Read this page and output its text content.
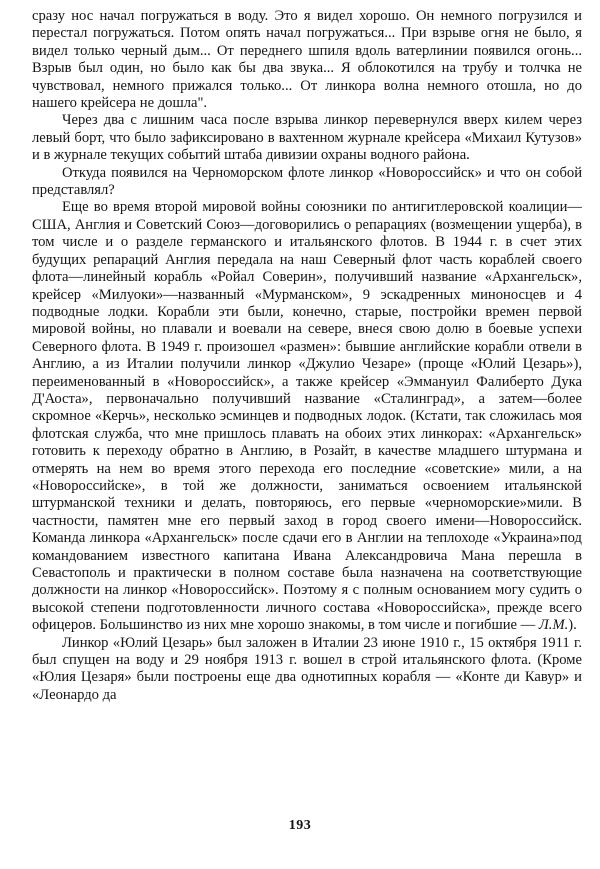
сразу нос начал погружаться в воду. Это я видел хорошо. Он немного погрузился и перестал погружаться. Потом опять начал погружаться... При взрыве огня не было, я видел только черный дым... От переднего шпиля вдоль ватерлинии появился огонь... Взрыв был один, но было как бы два звука... Я облокотился на трубу и толчка не чувствовал, немного прижался только... От линкора волна немного отошла, но до нашего крейсера не дошла".

Через два с лишним часа после взрыва линкор перевернулся вверх килем через левый борт, что было зафиксировано в вахтенном журнале крейсера «Михаил Кутузов» и в журнале текущих событий штаба дивизии охраны водного района.

Откуда появился на Черноморском флоте линкор «Новороссийск» и что он собой представлял?

Еще во время второй мировой войны союзники по антигитлеровской коалиции—США, Англия и Советский Союз—договорились о репарациях (возмещении ущерба), в том числе и о разделе германского и итальянского флотов. В 1944 г. в счет этих будущих репараций Англия передала на наш Северный флот часть кораблей своего флота—линейный корабль «Ройал Соверин», получивший название «Архангельск», крейсер «Милуоки»—названный «Мурманском», 9 эскадренных миноносцев и 4 подводные лодки. Корабли эти были, конечно, старые, постройки времен первой мировой войны, но плавали и воевали на севере, внеся свою долю в боевые успехи Северного флота. В 1949 г. произошел «размен»: бывшие английские корабли отвели в Англию, а из Италии получили линкор «Джулио Чезаре» (проще «Юлий Цезарь»), переименованный в «Новороссийск», а также крейсер «Эммануил Фалиберто Дука Д'Аоста», первоначально получивший название «Сталинград», а затем—более скромное «Керчь», несколько эсминцев и подводных лодок. (Кстати, так сложилась моя флотская служба, что мне пришлось плавать на обоих этих линкорах: «Архангельск» готовить к переходу обратно в Англию, в Розайт, в качестве младшего штурмана и отмерять на нем во время этого перехода его последние «советские» мили, а на «Новороссийске», в той же должности, заниматься освоением итальянской штурманской техники и делать, повторяюсь, его первые «черноморские»мили. В частности, памятен мне его первый заход в город своего имени—Новороссийск. Команда линкора «Архангельск» после сдачи его в Англии на теплоходе «Украина»под командованием известного капитана Ивана Александровича Мана перешла в Севастополь и практически в полном составе была назначена на соответствующие должности на линкор «Новороссийск». Поэтому я с полным основанием могу судить о высокой степени подготовленности личного состава «Новороссийска», прежде всего офицеров. Большинство из них мне хорошо знакомы, в том числе и погибшие — Л.М.).

Линкор «Юлий Цезарь» был заложен в Италии 23 июне 1910 г., 15 октября 1911 г. был спущен на воду и 29 ноября 1913 г. вошел в строй итальянского флота. (Кроме «Юлия Цезаря» были построены еще два однотипных корабля — «Конте ди Кавур» и «Леонардо да

193
